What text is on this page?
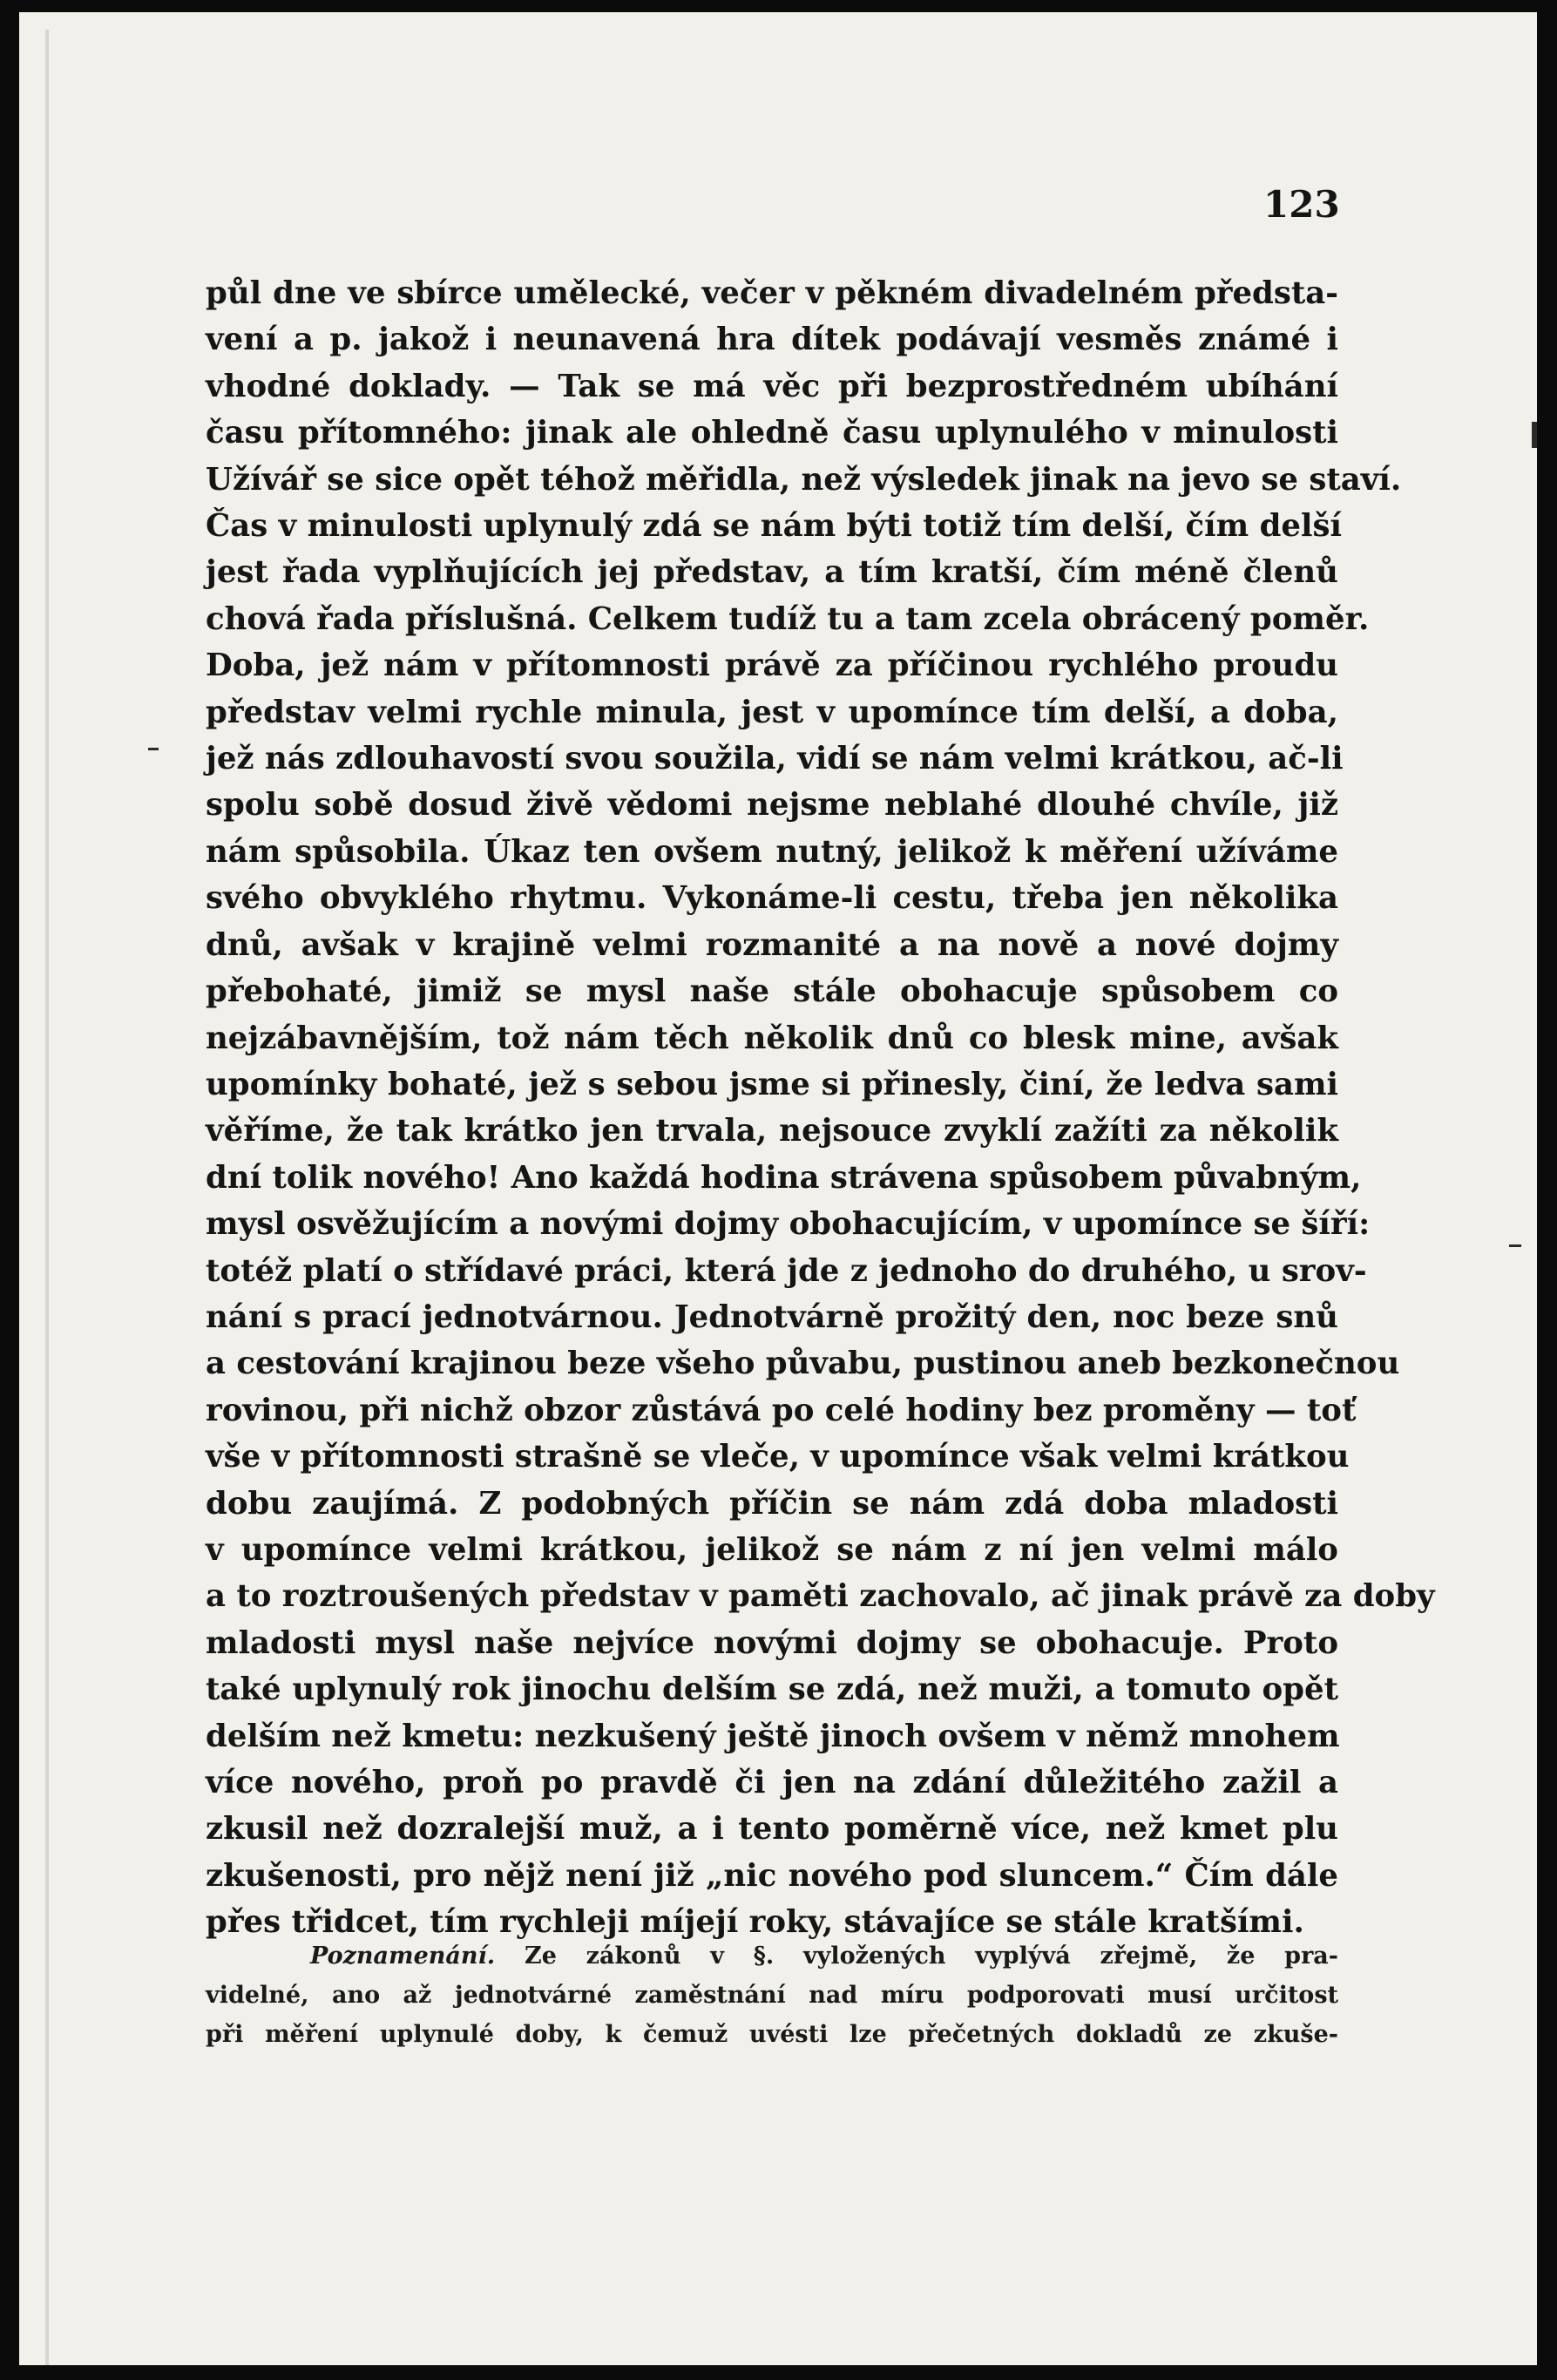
123
půl dne ve sbírce umělecké, večer v pěkném divadelném předsta-
vení a p. jakož i neunavená hra dítek podávají vesměs známé i
vhodné doklady. — Tak se má věc při bezprostředném ubíhání
času přítomného: jinak ale ohledně času uplynulého v minulosti
Užívář se sice opět téhož měřidla, než výsledek jinak na jevo se staví.
Čas v minulosti uplynulý zdá se nám býti totiž tím delší, čím delší
jest řada vyplňujících jej představ, a tím kratší, čím méně členů
chová řada příslušná. Celkem tudíž tu a tam zcela obrácený poměr.
Doba, jež nám v přítomnosti právě za příčinou rychlého proudu
představ velmi rychle minula, jest v upomínce tím delší, a doba,
jež nás zdlouhavostí svou soužila, vidí se nám velmi krátkou, ač-li
spolu sobě dosud živě vědomi nejsme neblahé dlouhé chvíle, již
nám spůsobila. Úkaz ten ovšem nutný, jelikož k měření užíváme
svého obvyklého rhytmu. Vykonáme-li cestu, třeba jen několika
dnů, avšak v krajině velmi rozmanité a na nově a nové dojmy
přebohaté, jimiž se mysl naše stále obohacuje spůsobem co
nejzábavnějším, tož nám těch několik dnů co blesk mine, avšak
upomínky bohaté, jež s sebou jsme si přinesly, činí, že ledva sami
věříme, že tak krátko jen trvala, nejsouce zvyklí zažíti za několik
dní tolik nového! Ano každá hodina strávena spůsobem půvabným,
mysl osvěžujícím a novými dojmy obohacujícím, v upomínce se šíří:
totéž platí o střídavé práci, která jde z jednoho do druhého, u srov-
nání s prací jednotvárnou. Jednotvárně prožitý den, noc beze snů
a cestování krajinou beze všeho půvabu, pustinou aneb bezkonečnou
rovinou, při nichž obzor zůstává po celé hodiny bez proměny — toť
vše v přítomnosti strašně se vleče, v upomínce však velmi krátkou
dobu zaujímá. Z podobných příčin se nám zdá doba mladosti
v upomínce velmi krátkou, jelikož se nám z ní jen velmi málo
a to roztroušených představ v paměti zachovalo, ač jinak právě za doby
mladosti mysl naše nejvíce novými dojmy se obohacuje. Proto
také uplynulý rok jinochu delším se zdá, než muži, a tomuto opět
delším než kmetu: nezkušený ještě jinoch ovšem v němž mnohem
více nového, proň po pravdě či jen na zdání důležitého zažil a
zkusil než dozralejší muž, a i tento poměrně více, než kmet plu
zkušenosti, pro nějž není již „nic nového pod sluncem.“ Čím dále
přes třidcet, tím rychleji míjejí roky, stávajíce se stále kratšími.
Poznamenání. Ze zákonů v §. vyložených vyplývá zřejmě, že pra-
videlné, ano až jednotvárné zaměstnání nad míru podporovati musí určitost
při měření uplynulé doby, k čemuž uvésti lze přečetných dokladů ze zkuše-
